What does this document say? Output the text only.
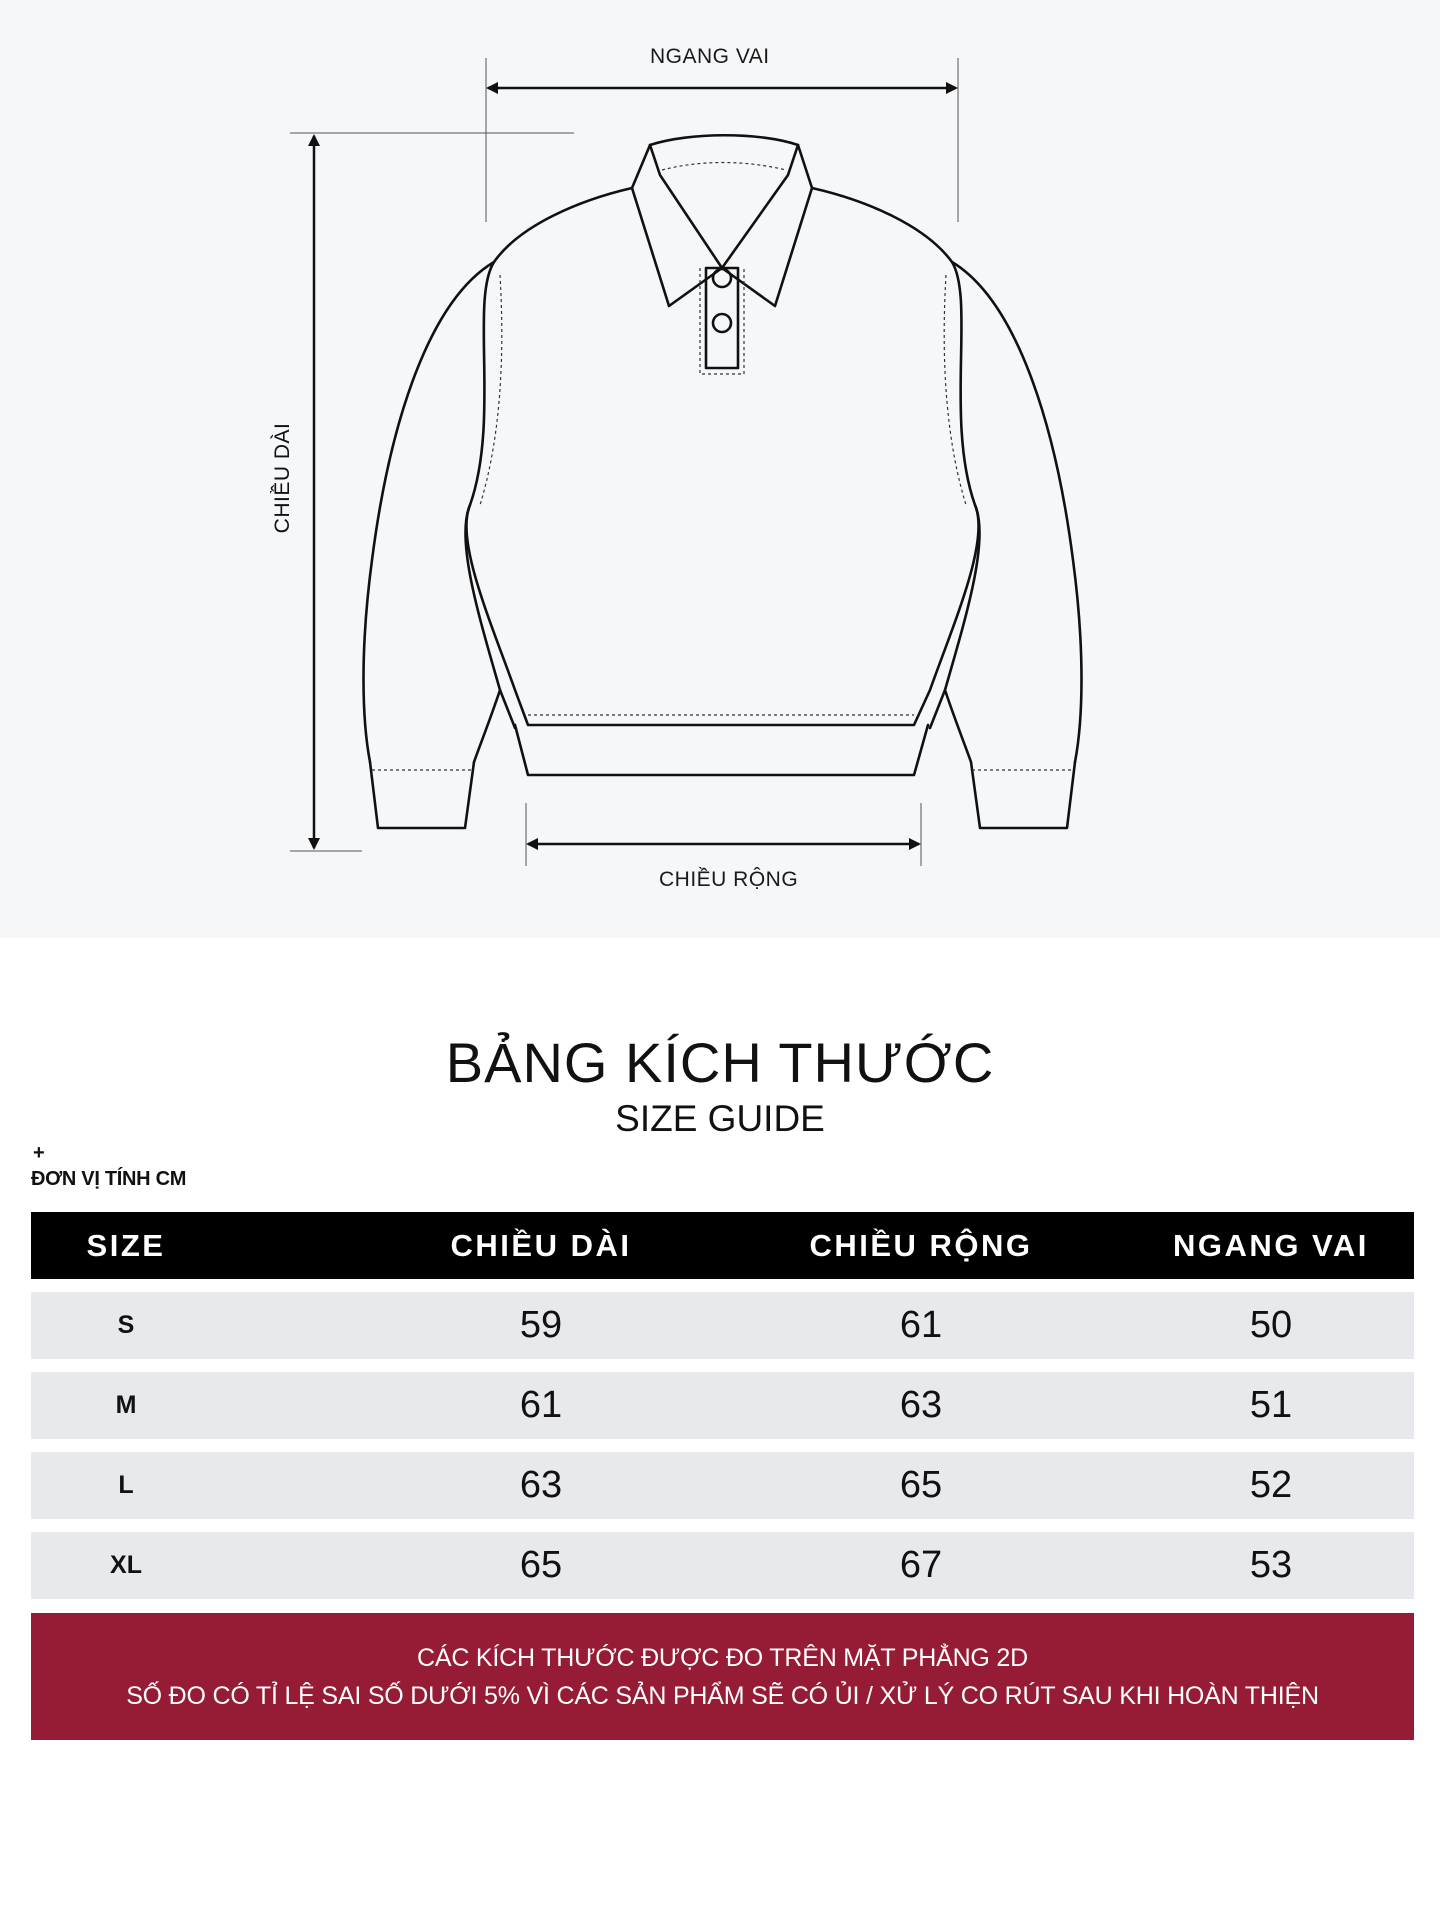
NGANG VAI
CHIỀU DÀI
CHIỀU RỘNG
BẢNG KÍCH THƯỚC
SIZE GUIDE
+
ĐƠN VỊ TÍNH CM
SIZE	CHIỀU DÀI	CHIỀU RỘNG	NGANG VAI
S	59	61	50
M	61	63	51
L	63	65	52
XL	65	67	53
CÁC KÍCH THƯỚC ĐƯỢC ĐO TRÊN MẶT PHẲNG 2D
SỐ ĐO CÓ TỈ LỆ SAI SỐ DƯỚI 5% VÌ CÁC SẢN PHẨM SẼ CÓ ỦI / XỬ LÝ CO RÚT SAU KHI HOÀN THIỆN
